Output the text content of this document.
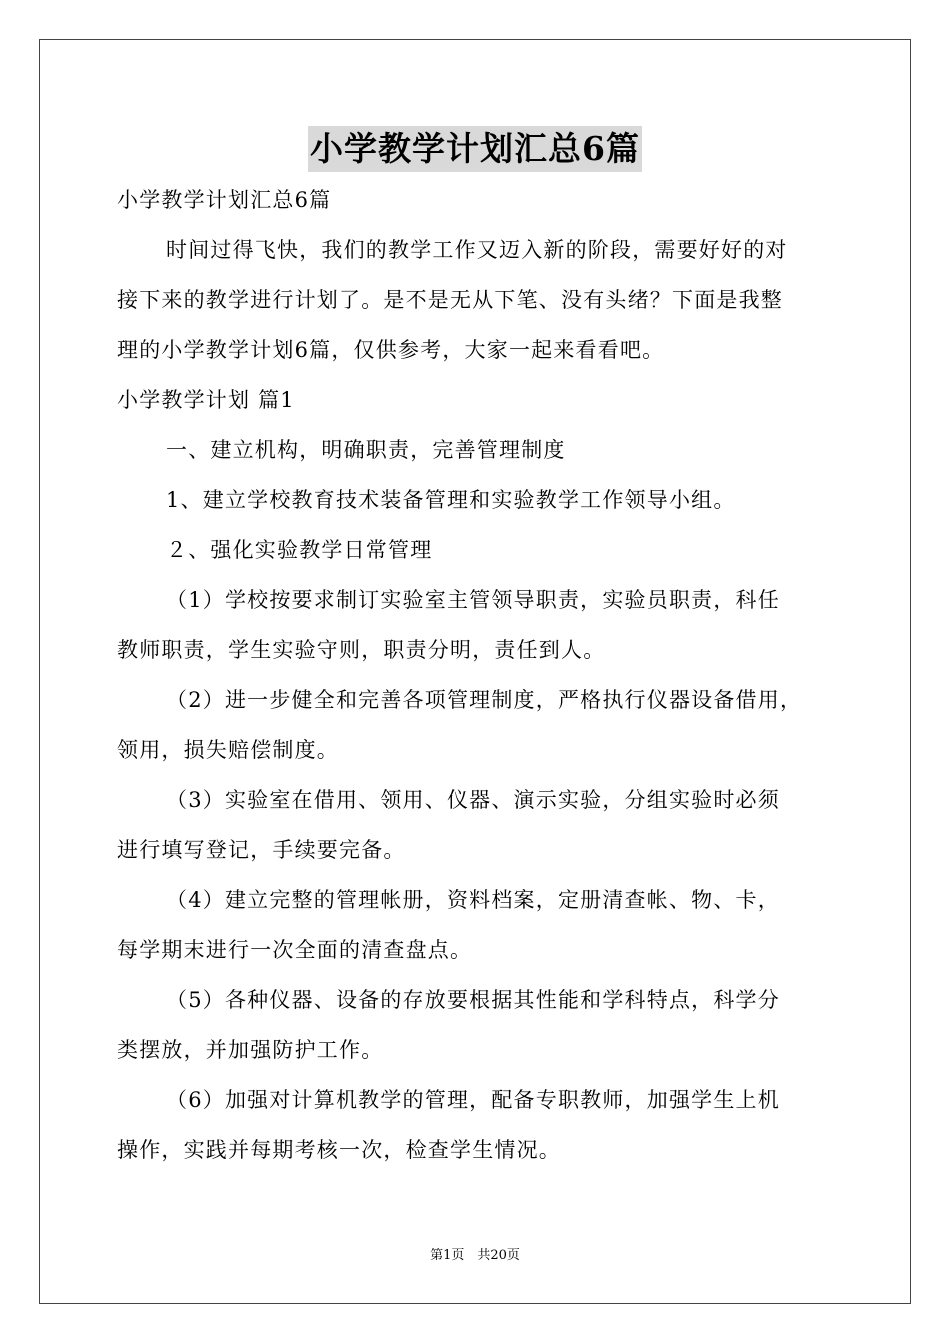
小学教学计划汇总6篇
小学教学计划汇总6篇
时间过得飞快，我们的教学工作又迈入新的阶段，需要好好的对
接下来的教学进行计划了。是不是无从下笔、没有头绪？下面是我整
理的小学教学计划6篇，仅供参考，大家一起来看看吧。
小学教学计划 篇1
一、建立机构，明确职责，完善管理制度
1、建立学校教育技术装备管理和实验教学工作领导小组。
２、强化实验教学日常管理
（1）学校按要求制订实验室主管领导职责，实验员职责，科任
教师职责，学生实验守则，职责分明，责任到人。
（2）进一步健全和完善各项管理制度，严格执行仪器设备借用，
领用，损失赔偿制度。
（3）实验室在借用、领用、仪器、演示实验，分组实验时必须
进行填写登记，手续要完备。
（4）建立完整的管理帐册，资料档案，定册清查帐、物、卡，
每学期末进行一次全面的清查盘点。
（5）各种仪器、设备的存放要根据其性能和学科特点，科学分
类摆放，并加强防护工作。
（6）加强对计算机教学的管理，配备专职教师，加强学生上机
操作，实践并每期考核一次，检查学生情况。
第1页　共20页
